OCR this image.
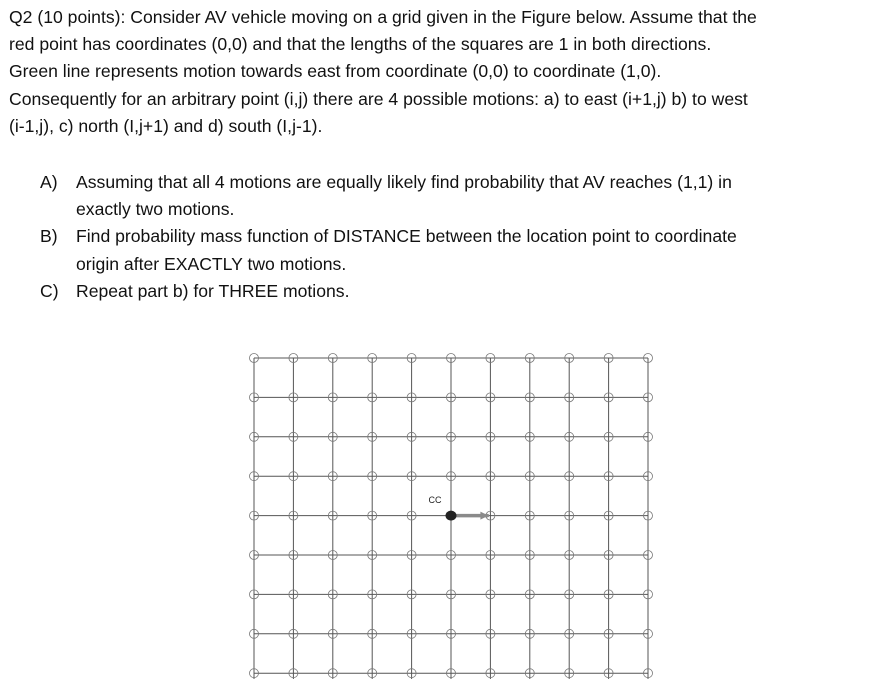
Q2 (10 points): Consider AV vehicle moving on a grid given in the Figure below. Assume that the
red point has coordinates (0,0) and that the lengths of the squares are 1 in both directions.
Green line represents motion towards east from coordinate (0,0) to coordinate (1,0).
Consequently for an arbitrary point (i,j) there are 4 possible motions: a) to east (i+1,j) b) to west
(i-1,j), c) north (I,j+1) and d) south (I,j-1).
A) Assuming that all 4 motions are equally likely find probability that AV reaches (1,1) in
exactly two motions.
B) Find probability mass function of DISTANCE between the location point to coordinate
origin after EXACTLY two motions.
C) Repeat part b) for THREE motions.
CC
